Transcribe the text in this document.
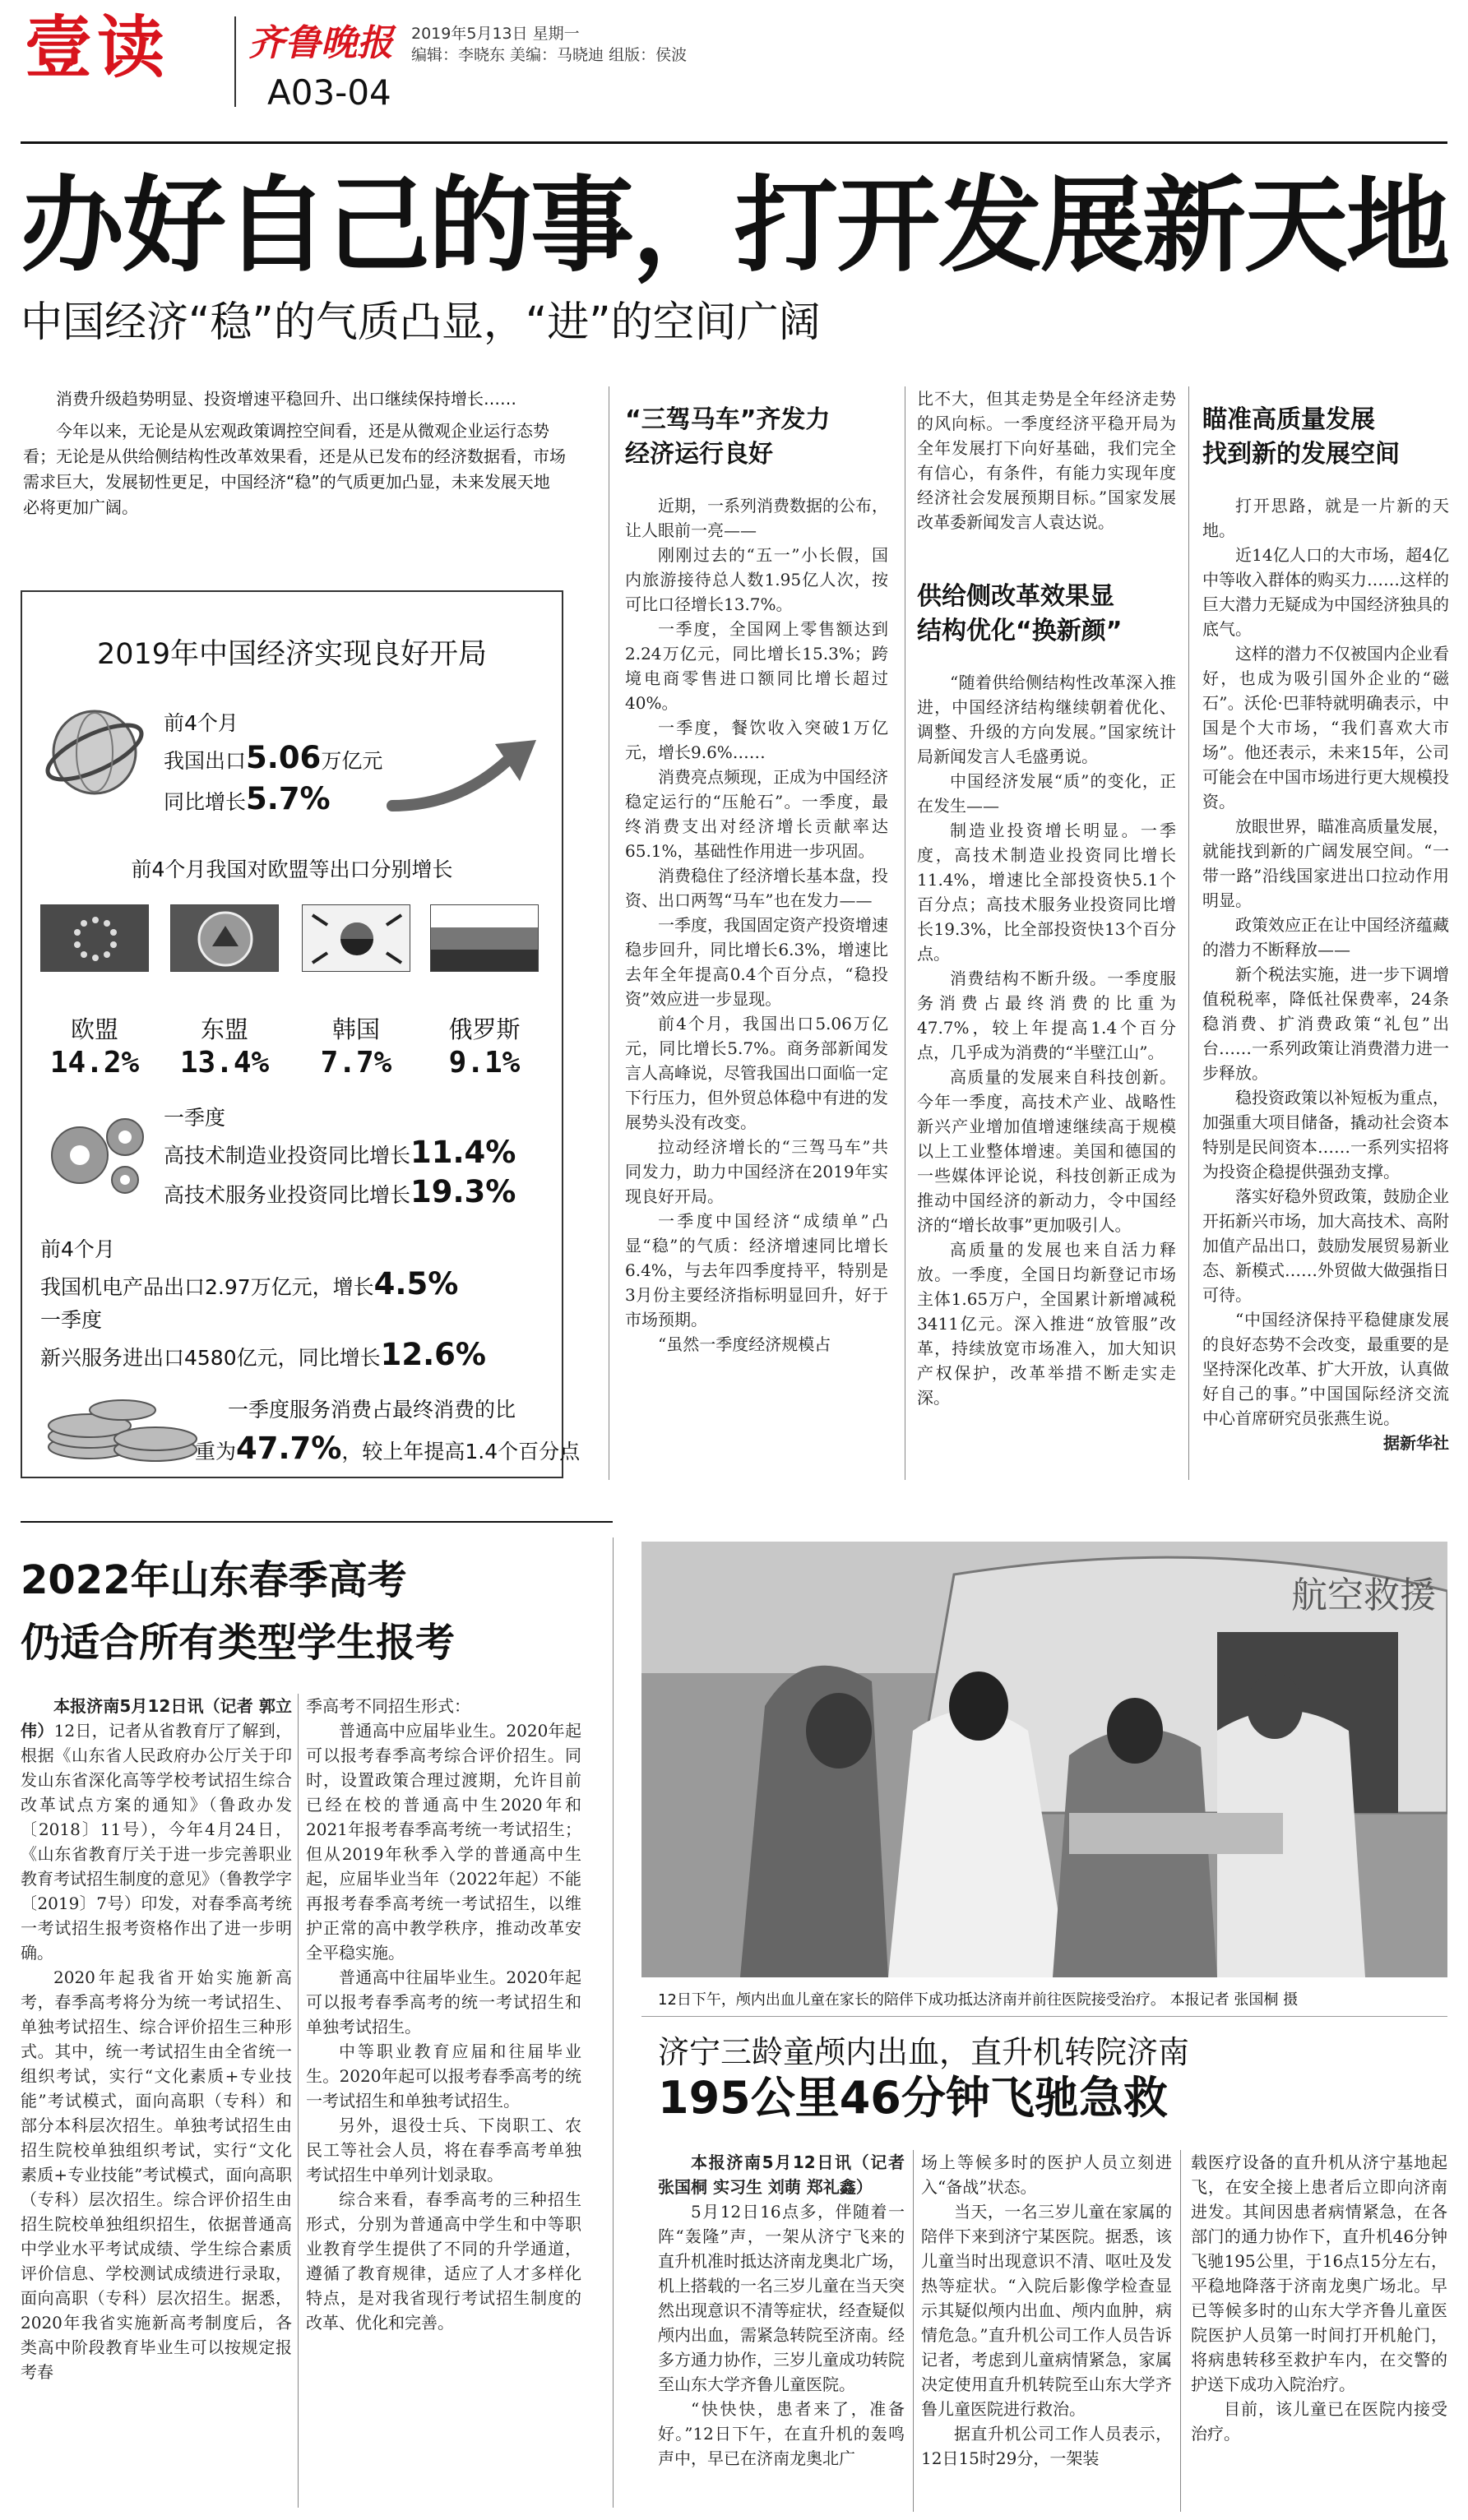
壹读 齐鲁晚报
A03-04
2019年5月13日 星期一
编辑：李晓东 美编：马晓迪 组版：侯波
办好自己的事，打开发展新天地
中国经济“稳”的气质凸显，“进”的空间广阔

消费升级趋势明显、投资增速平稳回升、出口继续保持增长……

今年以来，无论是从宏观政策调控空间看，还是从微观企业运行态势看；无论是从供给侧结构性改革效果看，还是从已发布的经济数据看，市场需求巨大，发展韧性更足，中国经济“稳”的气质更加凸显，未来发展天地必将更加广阔。

2019年中国经济实现良好开局
前4个月
我国出口5.06万亿元
同比增长5.7%
前4个月我国对欧盟等出口分别增长
欧盟	东盟	韩国	俄罗斯
14.2%	13.4%	7.7%	9.1%
一季度
高技术制造业投资同比增长11.4%
高技术服务业投资同比增长19.3%
前4个月
我国机电产品出口2.97万亿元，增长4.5%
一季度
新兴服务进出口4580亿元，同比增长12.6%
一季度服务消费占最终消费的比
重为47.7%，较上年提高1.4个百分点
“三驾马车”齐发力
经济运行良好

近期，一系列消费数据的公布，让人眼前一亮——

刚刚过去的“五一”小长假，国内旅游接待总人数1.95亿人次，按可比口径增长13.7%。

一季度，全国网上零售额达到2.24万亿元，同比增长15.3%；跨境电商零售进口额同比增长超过40%。

一季度，餐饮收入突破1万亿元，增长9.6%……

消费亮点频现，正成为中国经济稳定运行的“压舱石”。一季度，最终消费支出对经济增长贡献率达65.1%，基础性作用进一步巩固。

消费稳住了经济增长基本盘，投资、出口两驾“马车”也在发力——

一季度，我国固定资产投资增速稳步回升，同比增长6.3%，增速比去年全年提高0.4个百分点，“稳投资”效应进一步显现。

前4个月，我国出口5.06万亿元，同比增长5.7%。商务部新闻发言人高峰说，尽管我国出口面临一定下行压力，但外贸总体稳中有进的发展势头没有改变。

拉动经济增长的“三驾马车”共同发力，助力中国经济在2019年实现良好开局。

一季度中国经济“成绩单”凸显“稳”的气质：经济增速同比增长6.4%，与去年四季度持平，特别是3月份主要经济指标明显回升，好于市场预期。

“虽然一季度经济规模占

比不大，但其走势是全年经济走势的风向标。一季度经济平稳开局为全年发展打下向好基础，我们完全有信心，有条件，有能力实现年度经济社会发展预期目标。”国家发展改革委新闻发言人袁达说。

供给侧改革效果显
结构优化“换新颜”

“随着供给侧结构性改革深入推进，中国经济结构继续朝着优化、调整、升级的方向发展。”国家统计局新闻发言人毛盛勇说。

中国经济发展“质”的变化，正在发生——

制造业投资增长明显。一季度，高技术制造业投资同比增长11.4%，增速比全部投资快5.1个百分点；高技术服务业投资同比增长19.3%，比全部投资快13个百分点。

消费结构不断升级。一季度服务消费占最终消费的比重为47.7%，较上年提高1.4个百分点，几乎成为消费的“半壁江山”。

高质量的发展来自科技创新。今年一季度，高技术产业、战略性新兴产业增加值增速继续高于规模以上工业整体增速。美国和德国的一些媒体评论说，科技创新正成为推动中国经济的新动力，令中国经济的“增长故事”更加吸引人。

高质量的发展也来自活力释放。一季度，全国日均新登记市场主体1.65万户，全国累计新增减税3411亿元。深入推进“放管服”改革，持续放宽市场准入，加大知识产权保护，改革举措不断走实走深。

瞄准高质量发展
找到新的发展空间

打开思路，就是一片新的天地。

近14亿人口的大市场，超4亿中等收入群体的购买力……这样的巨大潜力无疑成为中国经济独具的底气。

这样的潜力不仅被国内企业看好，也成为吸引国外企业的“磁石”。沃伦·巴菲特就明确表示，中国是个大市场，“我们喜欢大市场”。他还表示，未来15年，公司可能会在中国市场进行更大规模投资。

放眼世界，瞄准高质量发展，就能找到新的广阔发展空间。“一带一路”沿线国家进出口拉动作用明显。

政策效应正在让中国经济蕴藏的潜力不断释放——

新个税法实施，进一步下调增值税税率，降低社保费率，24条稳消费、扩消费政策“礼包”出台……一系列政策让消费潜力进一步释放。

稳投资政策以补短板为重点，加强重大项目储备，撬动社会资本特别是民间资本……一系列实招将为投资企稳提供强劲支撑。

落实好稳外贸政策，鼓励企业开拓新兴市场，加大高技术、高附加值产品出口，鼓励发展贸易新业态、新模式……外贸做大做强指日可待。

“中国经济保持平稳健康发展的良好态势不会改变，最重要的是坚持深化改革、扩大开放，认真做好自己的事。”中国国际经济交流中心首席研究员张燕生说。

据新华社

2022年山东春季高考
仍适合所有类型学生报考

本报济南5月12日讯（记者 郭立伟）12日，记者从省教育厅了解到，根据《山东省人民政府办公厅关于印发山东省深化高等学校考试招生综合改革试点方案的通知》（鲁政办发〔2018〕11号），今年4月24日，《山东省教育厅关于进一步完善职业教育考试招生制度的意见》（鲁教学字〔2019〕7号）印发，对春季高考统一考试招生报考资格作出了进一步明确。

2020年起我省开始实施新高考，春季高考将分为统一考试招生、单独考试招生、综合评价招生三种形式。其中，统一考试招生由全省统一组织考试，实行“文化素质+专业技能”考试模式，面向高职（专科）和部分本科层次招生。单独考试招生由招生院校单独组织考试，实行“文化素质+专业技能”考试模式，面向高职（专科）层次招生。综合评价招生由招生院校单独组织招生，依据普通高中学业水平考试成绩、学生综合素质评价信息、学校测试成绩进行录取，面向高职（专科）层次招生。据悉，2020年我省实施新高考制度后，各类高中阶段教育毕业生可以按规定报考春

季高考不同招生形式：

普通高中应届毕业生。2020年起可以报考春季高考综合评价招生。同时，设置政策合理过渡期，允许目前已经在校的普通高中生2020年和2021年报考春季高考统一考试招生；但从2019年秋季入学的普通高中生起，应届毕业当年（2022年起）不能再报考春季高考统一考试招生，以维护正常的高中教学秩序，推动改革安全平稳实施。

普通高中往届毕业生。2020年起可以报考春季高考的统一考试招生和单独考试招生。

中等职业教育应届和往届毕业生。2020年起可以报考春季高考的统一考试招生和单独考试招生。

另外，退役士兵、下岗职工、农民工等社会人员，将在春季高考单独考试招生中单列计划录取。

综合来看，春季高考的三种招生形式，分别为普通高中学生和中等职业教育学生提供了不同的升学通道，遵循了教育规律，适应了人才多样化特点，是对我省现行考试招生制度的改革、优化和完善。

航空救援
12日下午，颅内出血儿童在家长的陪伴下成功抵达济南并前往医院接受治疗。 本报记者 张国桐 摄
济宁三龄童颅内出血，直升机转院济南
195公里46分钟飞驰急救

本报济南5月12日讯（记者 张国桐 实习生 刘萌 郑礼鑫）

5月12日16点多，伴随着一阵“轰隆”声，一架从济宁飞来的直升机准时抵达济南龙奥北广场，机上搭载的一名三岁儿童在当天突然出现意识不清等症状，经查疑似颅内出血，需紧急转院至济南。经多方通力协作，三岁儿童成功转院至山东大学齐鲁儿童医院。

“快快快，患者来了，准备好。”12日下午，在直升机的轰鸣声中，早已在济南龙奥北广

场上等候多时的医护人员立刻进入“备战”状态。

当天，一名三岁儿童在家属的陪伴下来到济宁某医院。据悉，该儿童当时出现意识不清、呕吐及发热等症状。“入院后影像学检查显示其疑似颅内出血、颅内血肿，病情危急。”直升机公司工作人员告诉记者，考虑到儿童病情紧急，家属决定使用直升机转院至山东大学齐鲁儿童医院进行救治。

据直升机公司工作人员表示，12日15时29分，一架装

载医疗设备的直升机从济宁基地起飞，在安全接上患者后立即向济南进发。其间因患者病情紧急，在各部门的通力协作下，直升机46分钟飞驰195公里，于16点15分左右，平稳地降落于济南龙奥广场北。早已等候多时的山东大学齐鲁儿童医院医护人员第一时间打开机舱门，将病患转移至救护车内，在交警的护送下成功入院治疗。

目前，该儿童已在医院内接受治疗。
